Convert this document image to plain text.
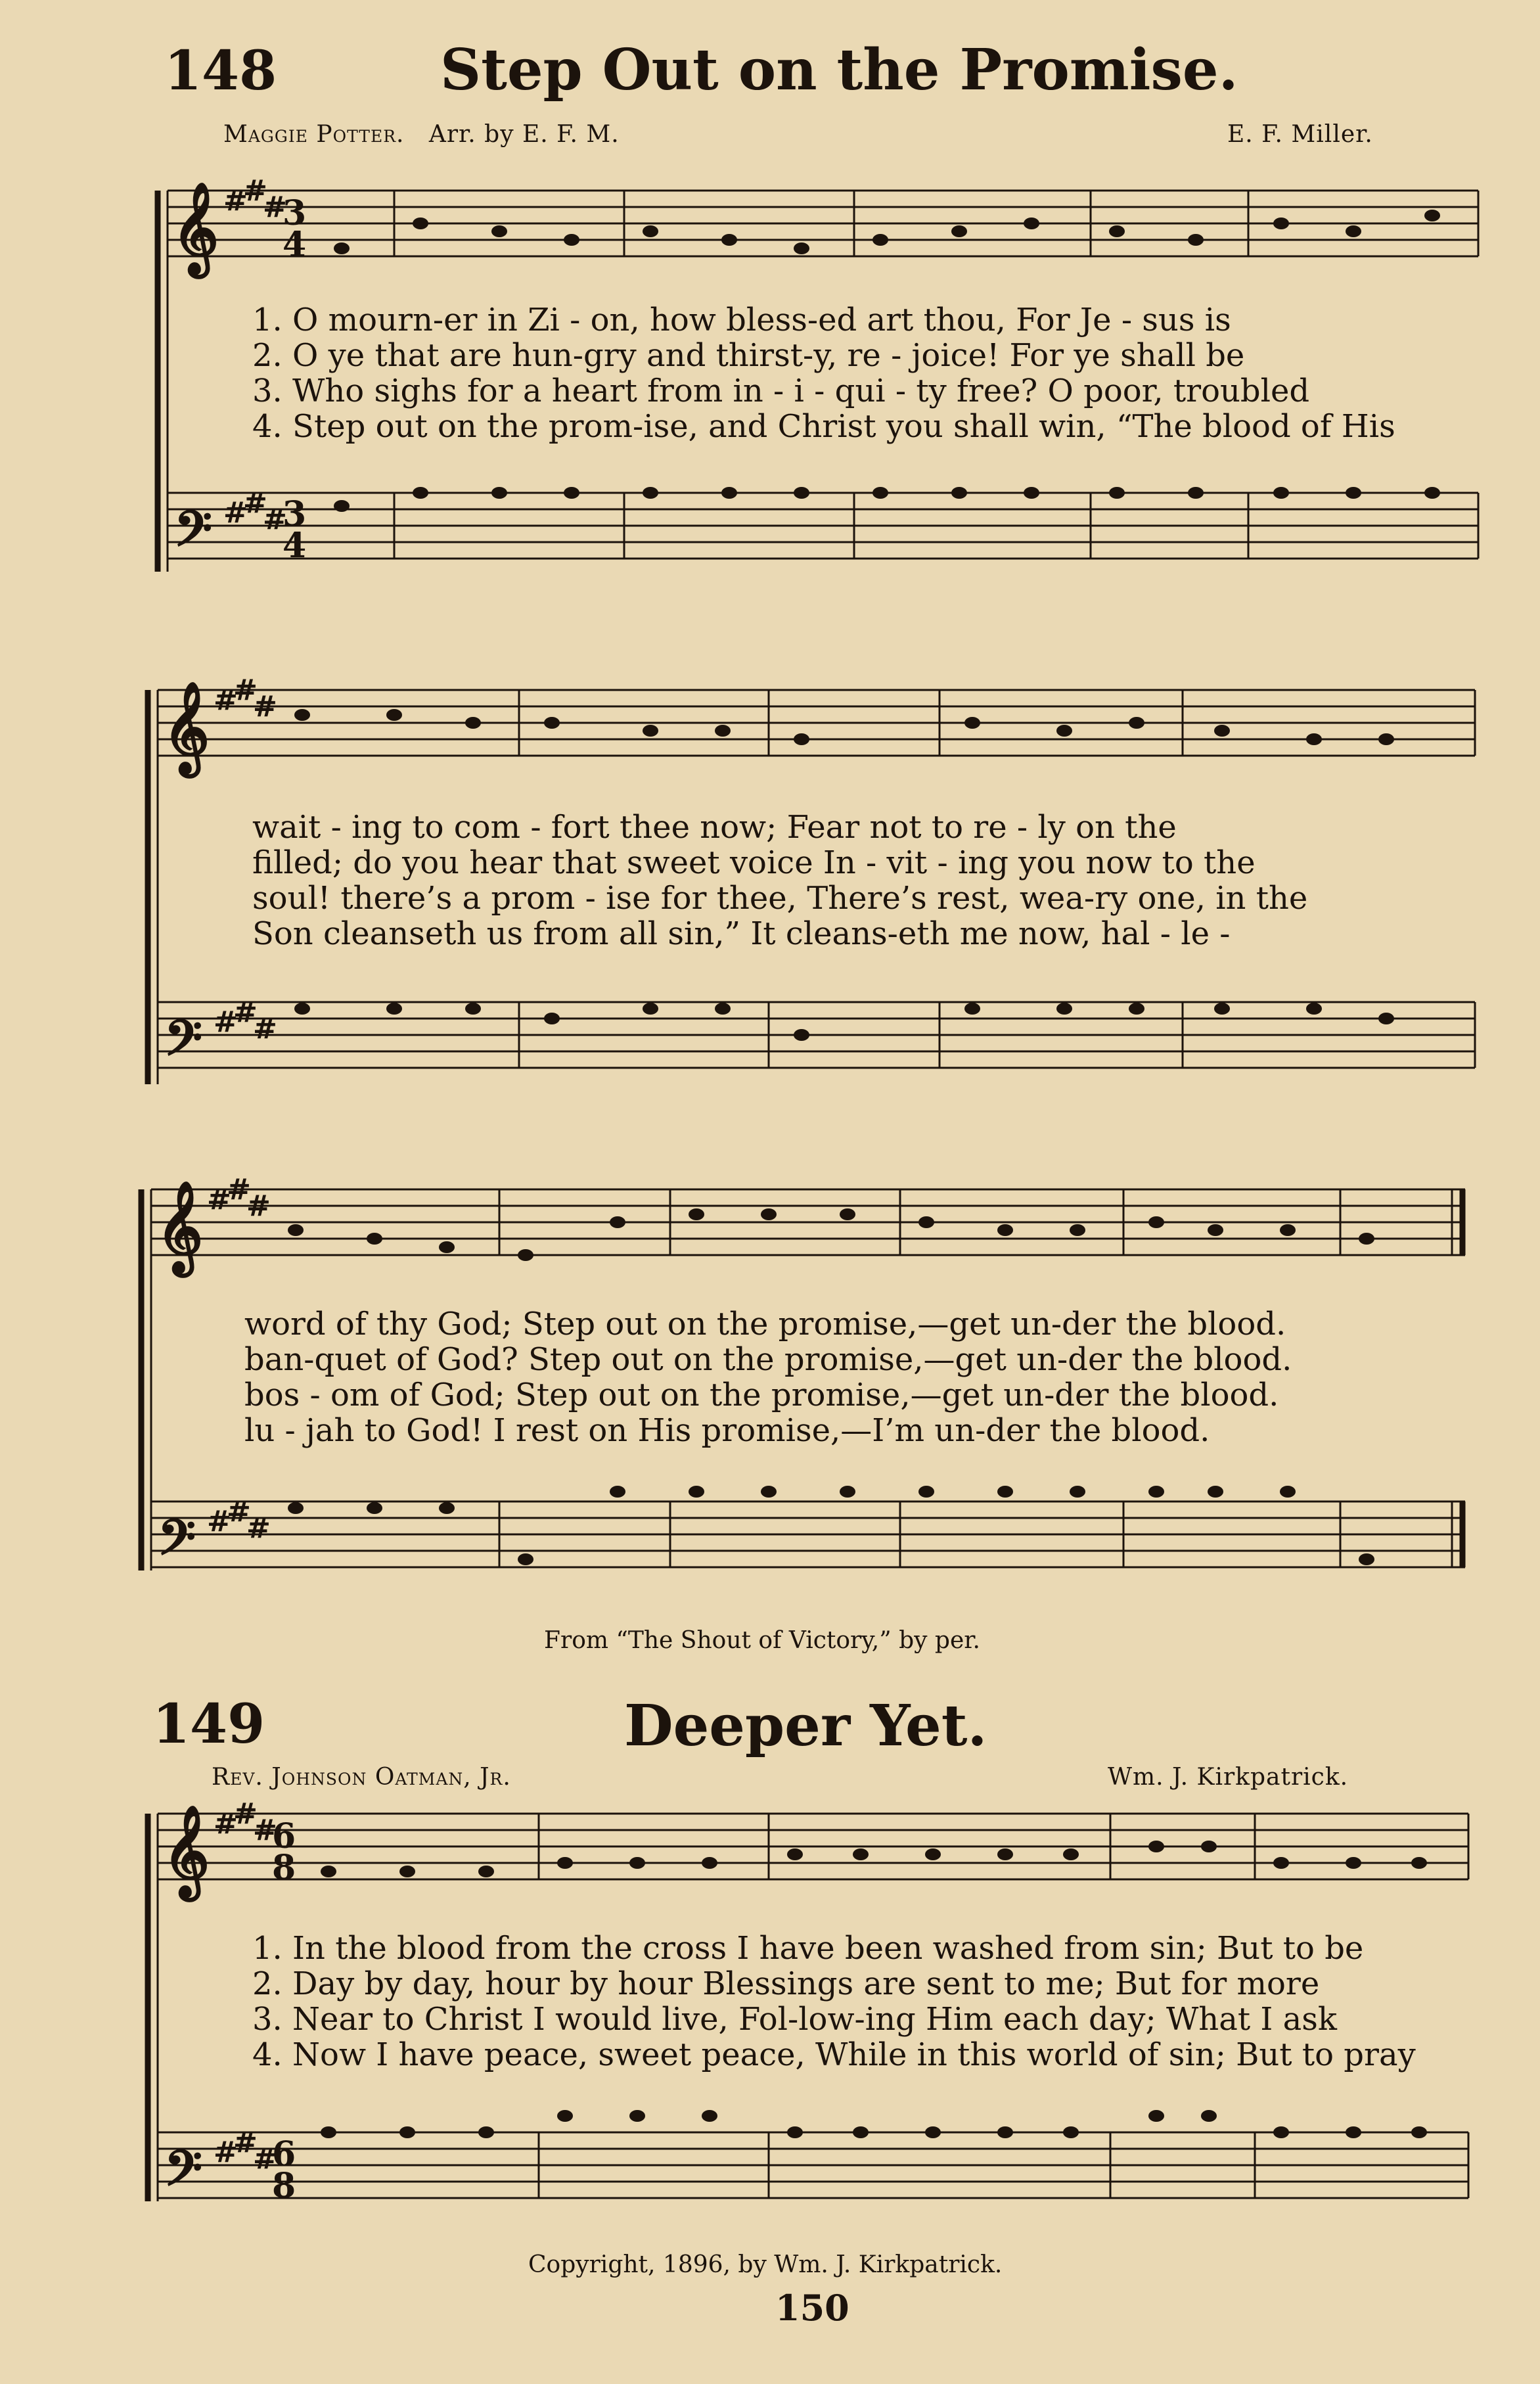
148	Step Out on the Promise.
Maggie Potter. Arr. by E. F. M.	E. F. Miller.
𝄞 3
4
𝄢 3
4
#
#
#
#
#
#
1. O mourn-er in Zi - on, how bless-ed art thou, For Je - sus is
2. O ye that are hun-gry and thirst-y, re - joice! For ye shall be
3. Who sighs for a heart from in - i - qui - ty free? O poor, troubled
4. Step out on the prom-ise, and Christ you shall win, “The blood of His
𝄞 #
#
#
𝄢 #
#
#
wait - ing to com - fort thee now; Fear not to re - ly on the
filled; do you hear that sweet voice In - vit - ing you now to the
soul! there’s a prom - ise for thee, There’s rest, wea-ry one, in the
Son cleanseth us from all sin,” It cleans-eth me now, hal - le -
𝄞 #
#
#
𝄢 #
#
#
word of thy God; Step out on the promise,—get un-der the blood.
ban-quet of God? Step out on the promise,—get un-der the blood.
bos - om of God; Step out on the promise,—get un-der the blood.
lu - jah to God! I rest on His promise,—I’m un-der the blood.
From “The Shout of Victory,” by per.
149	Deeper Yet.
Rev. Johnson Oatman, Jr.	Wm. J. Kirkpatrick.
𝄞 #
#
#
6
8
𝄢 #
#
#
6
8
1. In the blood from the cross I have been washed from sin; But to be
2. Day by day, hour by hour Blessings are sent to me; But for more
3. Near to Christ I would live, Fol-low-ing Him each day; What I ask
4. Now I have peace, sweet peace, While in this world of sin; But to pray
Copyright, 1896, by Wm. J. Kirkpatrick.
150
